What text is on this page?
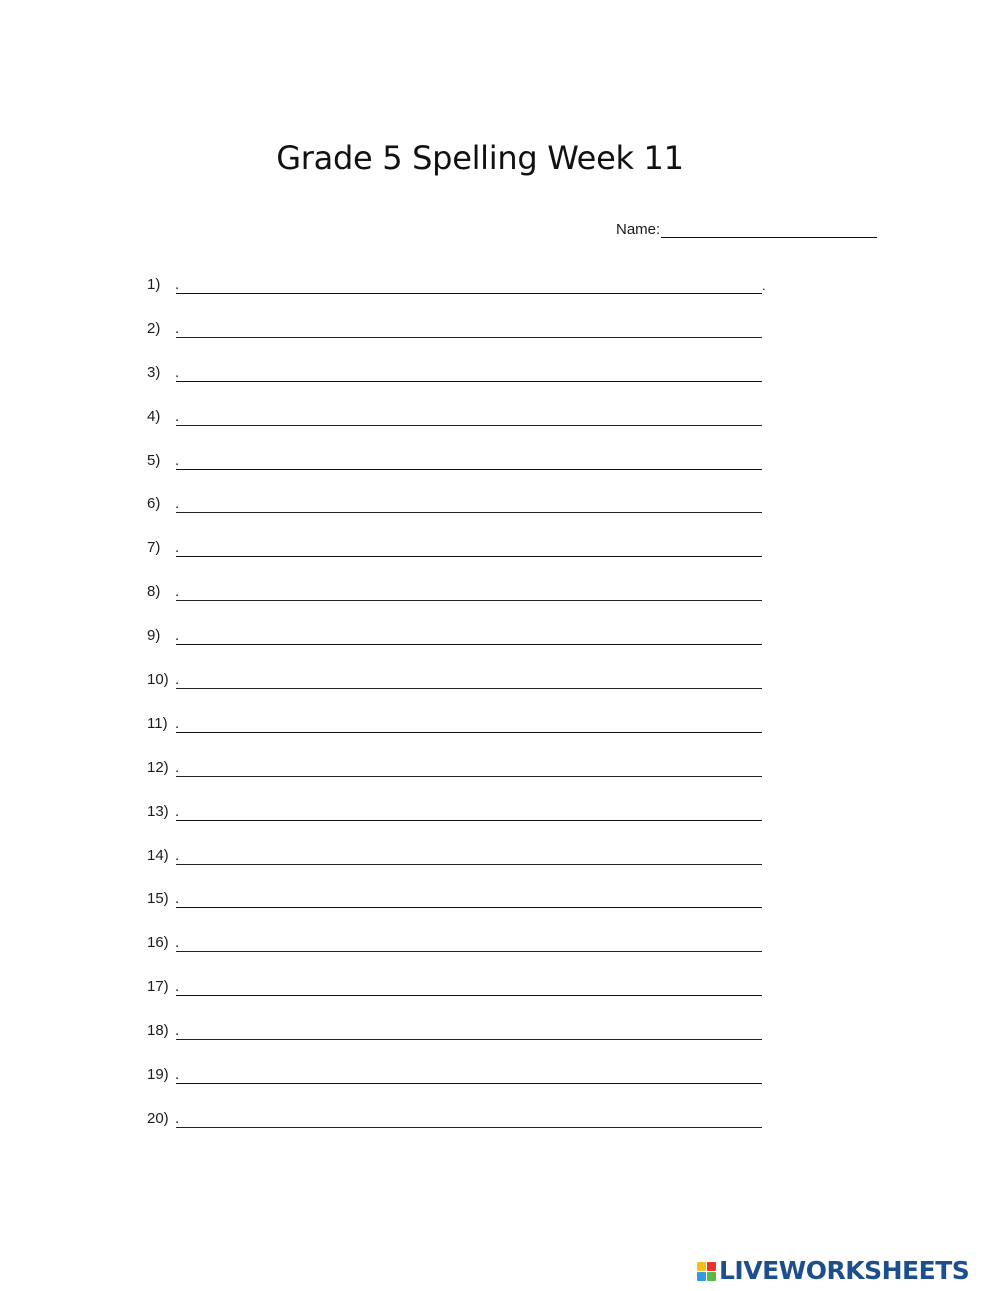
Grade 5 Spelling Week 11
Name:
1) .	.
2) .
3) .
4) .
5) .
6) .
7) .
8) .
9) .
10) .
11) .
12) .
13) .
14) .
15) .
16) .
17) .
18) .
19) .
20) .
LIVEWORKSHEETS
